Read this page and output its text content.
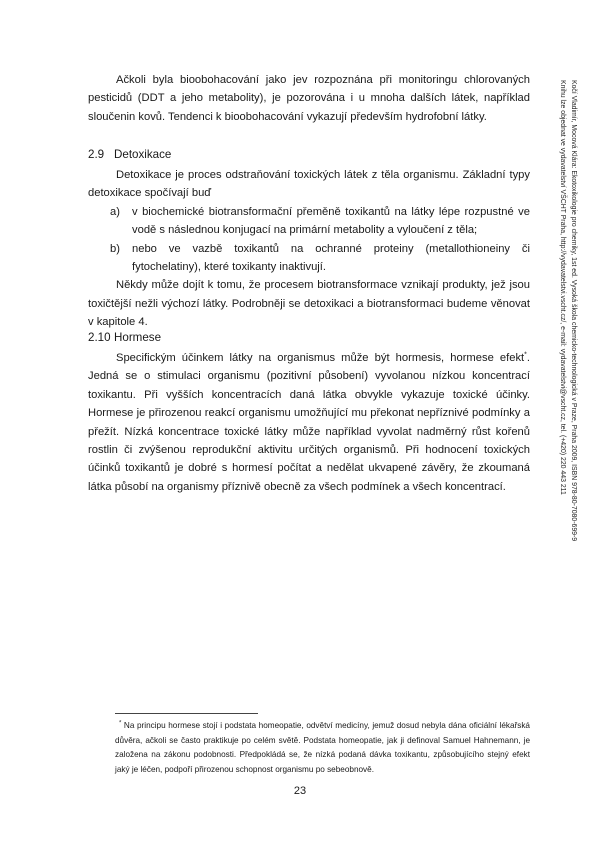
Ačkoli byla bioobohacování jako jev rozpoznána při monitoringu chlorovaných pesticidů (DDT a jeho metabolity), je pozorována i u mnoha dalších látek, například sloučenin kovů. Tendenci k bioobohacování vykazují především hydrofobní látky.

2.9 Detoxikace

Detoxikace je proces odstraňování toxických látek z těla organismu. Základní typy detoxikace spočívají buď

a) v biochemické biotransformační přeměně toxikantů na látky lépe rozpustné ve vodě s následnou konjugací na primární metabolity a vyloučení z těla;
b) nebo ve vazbě toxikantů na ochranné proteiny (metallothioneiny či fytochelatiny), které toxikanty inaktivují.

Někdy může dojít k tomu, že procesem biotransformace vznikají produkty, jež jsou toxičtější nežli výchozí látky. Podrobněji se detoxikaci a biotransformaci budeme věnovat v kapitole 4.

2.10 Hormese

Specifickým účinkem látky na organismus může být hormesis, hormese efekt*. Jedná se o stimulaci organismu (pozitivní působení) vyvolanou nízkou koncentrací toxikantu. Při vyšších koncentracích daná látka obvykle vykazuje toxické účinky. Hormese je přirozenou reakcí organismu umožňující mu překonat nepříznivé podmínky a přežít. Nízká koncentrace toxické látky může například vyvolat nadměrný růst kořenů rostlin či zvýšenou reprodukční aktivitu určitých organismů. Při hodnocení toxických účinků toxikantů je dobré s hormesí počítat a nedělat ukvapené závěry, že zkoumaná látka působí na organismy příznivě obecně za všech podmínek a všech koncentrací.

* Na principu hormese stojí i podstata homeopatie, odvětví medicíny, jemuž dosud nebyla dána oficiální lékařská důvěra, ačkoli se často praktikuje po celém světě. Podstata homeopatie, jak ji definoval Samuel Hahnemann, je založena na zákonu podobnosti. Předpokládá se, že nízká podaná dávka toxikantu, způsobujícího stejný efekt jaký je léčen, podpoří přirozenou schopnost organismu po sebeobnově.
23
Kočí Vladimír, Mocová Klára: Ekotoxikologie pro chemiky, 1st ed. Vysoká škola chemicko-technologická v Praze, Praha 2009, ISBN 978-80-7080-699-9
Knihu lze objednat ve vydavatelství VŠCHT Praha, http://vydavatelstvi.vscht.cz/, e-mail: vydavatelstvi@vscht.cz, tel. (+420) 220 443 211
